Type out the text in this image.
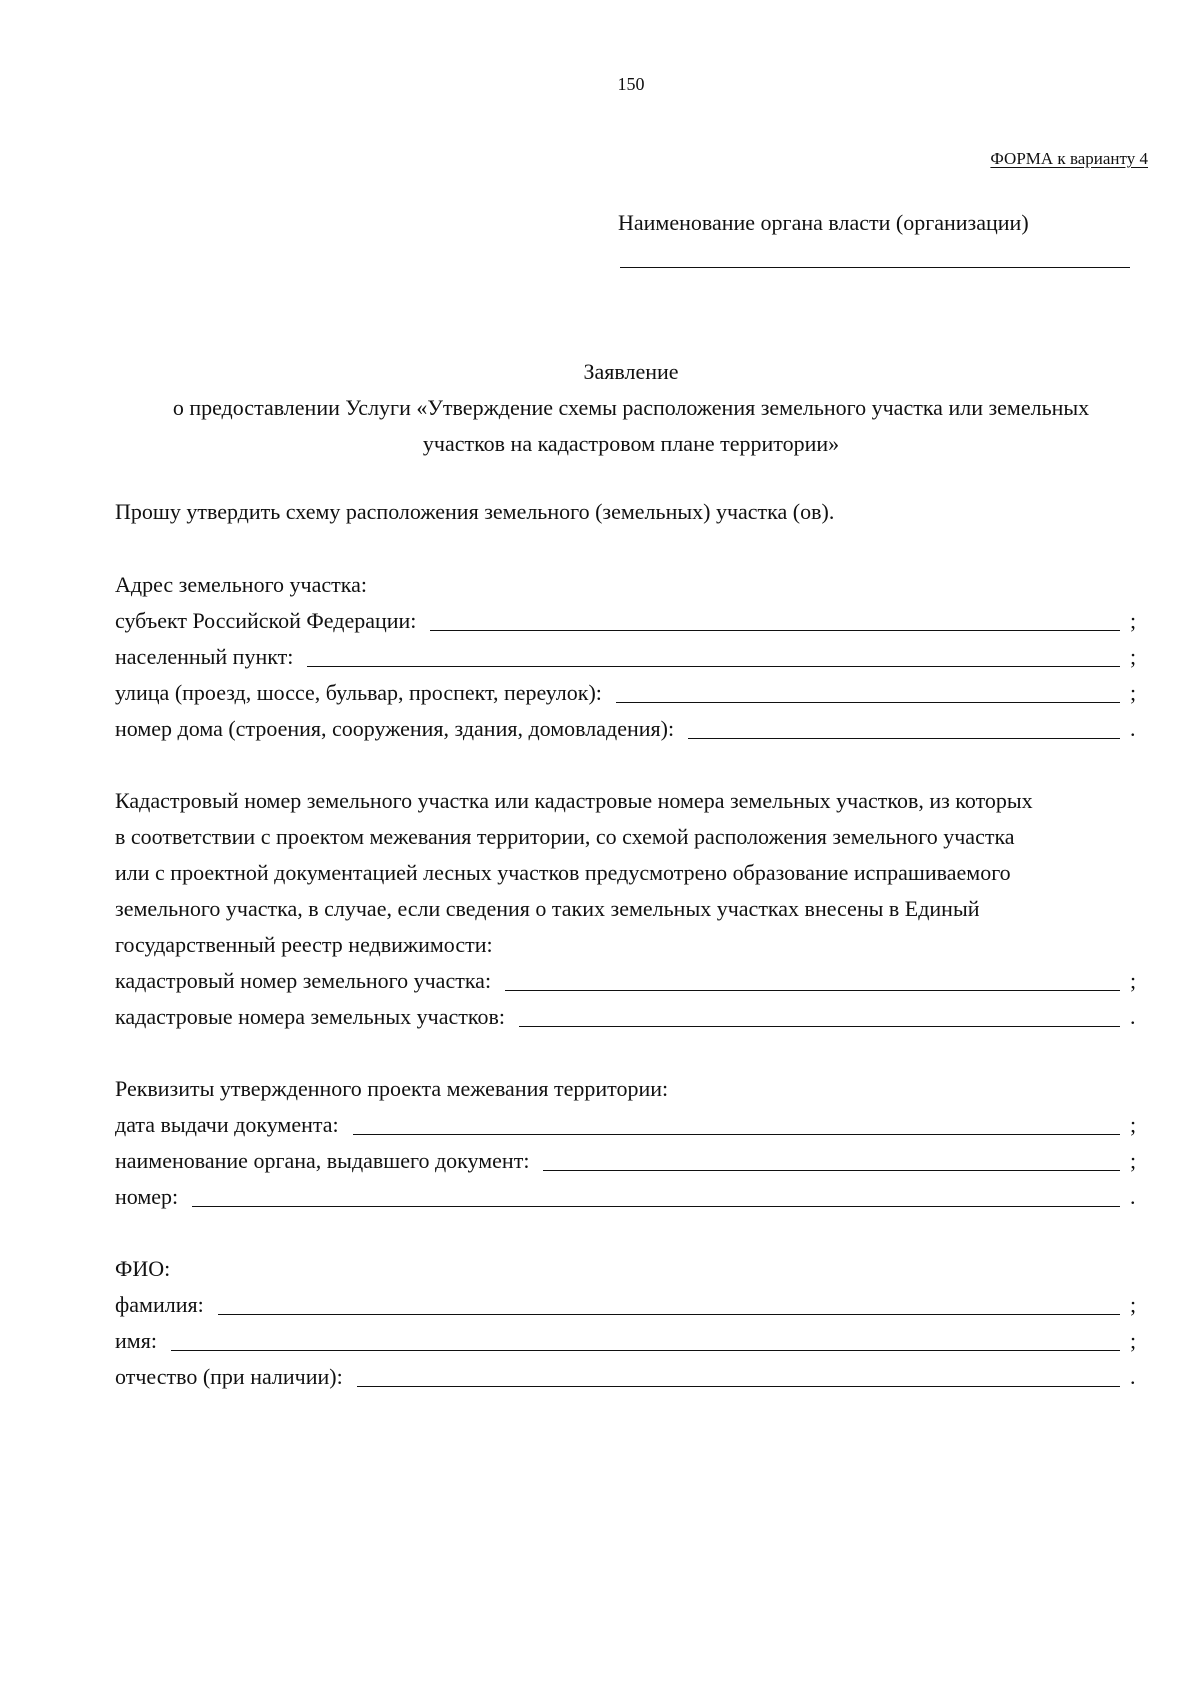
150
ФОРМА к варианту 4
Наименование органа власти (организации)
Заявление
о предоставлении Услуги «Утверждение схемы расположения земельного участка или земельных
участков на кадастровом плане территории»
Прошу утвердить схему расположения земельного (земельных) участка (ов).
Адрес земельного участка:
субъект Российской Федерации:	;
населенный пункт:	;
улица (проезд, шоссе, бульвар, проспект, переулок):	;
номер дома (строения, сооружения, здания, домовладения):	.
Кадастровый номер земельного участка или кадастровые номера земельных участков, из которых
в соответствии с проектом межевания территории, со схемой расположения земельного участка
или с проектной документацией лесных участков предусмотрено образование испрашиваемого
земельного участка, в случае, если сведения о таких земельных участках внесены в Единый
государственный реестр недвижимости:
кадастровый номер земельного участка:	;
кадастровые номера земельных участков:	.
Реквизиты утвержденного проекта межевания территории:
дата выдачи документа:	;
наименование органа, выдавшего документ:	;
номер:	.
ФИО:
фамилия:	;
имя:	;
отчество (при наличии):	.
